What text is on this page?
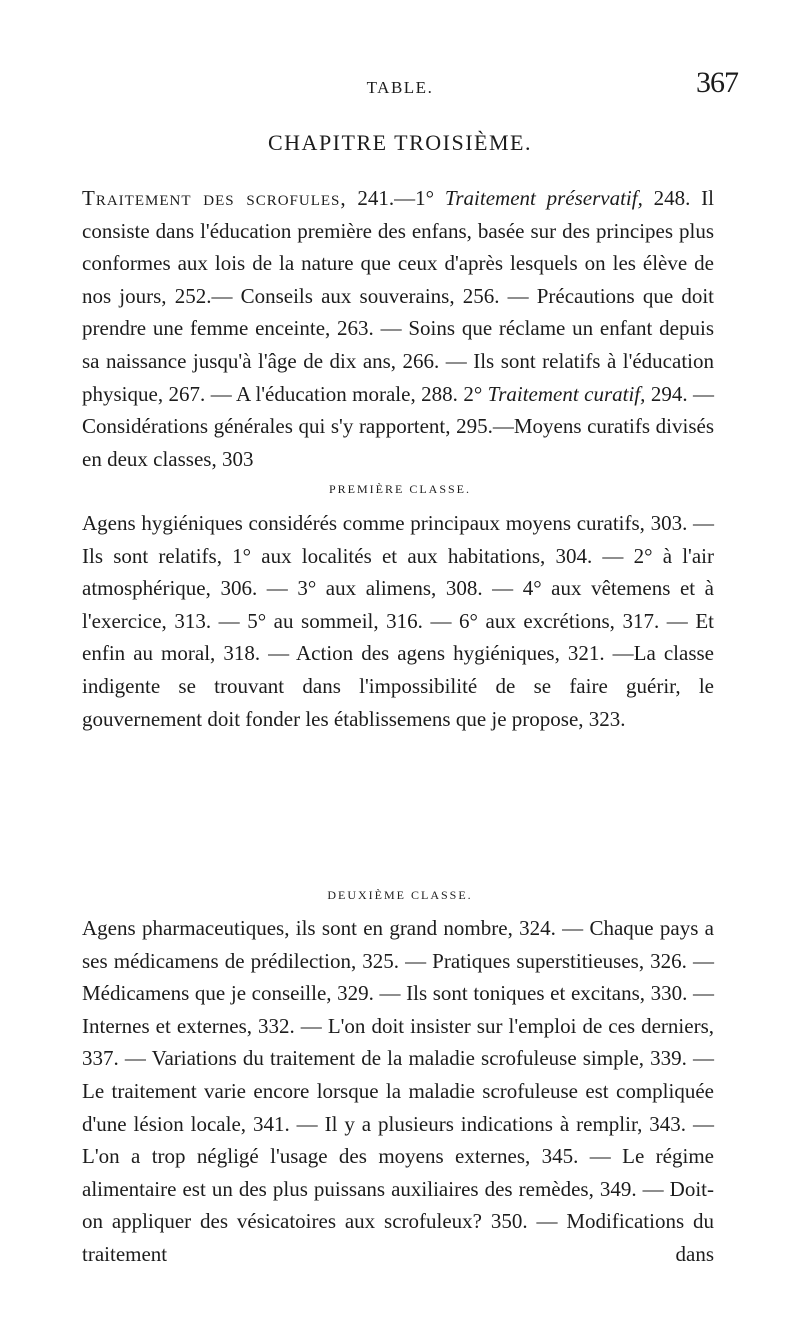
TABLE.	367
CHAPITRE TROISIÈME.
Traitement des scrofules, 241.—1° Traitement préservatif, 248. Il consiste dans l'éducation première des enfans, basée sur des principes plus conformes aux lois de la nature que ceux d'après lesquels on les élève de nos jours, 252.— Conseils aux souverains, 256. — Précautions que doit prendre une femme enceinte, 263. — Soins que réclame un enfant depuis sa naissance jusqu'à l'âge de dix ans, 266. — Ils sont relatifs à l'éducation physique, 267. — A l'éducation morale, 288. 2° Traitement curatif, 294. — Considérations générales qui s'y rapportent, 295.—Moyens curatifs divisés en deux classes, 303
PREMIÈRE CLASSE.
Agens hygiéniques considérés comme principaux moyens curatifs, 303. — Ils sont relatifs, 1° aux localités et aux habitations, 304. — 2° à l'air atmosphérique, 306. — 3° aux alimens, 308. — 4° aux vêtemens et à l'exercice, 313. — 5° au sommeil, 316. — 6° aux excrétions, 317. — Et enfin au moral, 318. — Action des agens hygiéniques, 321. —La classe indigente se trouvant dans l'impossibilité de se faire guérir, le gouvernement doit fonder les établissemens que je propose, 323.
DEUXIÈME CLASSE.
Agens pharmaceutiques, ils sont en grand nombre, 324. — Chaque pays a ses médicamens de prédilection, 325. — Pratiques superstitieuses, 326. — Médicamens que je conseille, 329. — Ils sont toniques et excitans, 330. — Internes et externes, 332. — L'on doit insister sur l'emploi de ces derniers, 337. — Variations du traitement de la maladie scrofuleuse simple, 339. — Le traitement varie encore lorsque la maladie scrofuleuse est compliquée d'une lésion locale, 341. — Il y a plusieurs indications à remplir, 343. — L'on a trop négligé l'usage des moyens externes, 345. — Le régime alimentaire est un des plus puissans auxiliaires des remèdes, 349. — Doit-on appliquer des vésicatoires aux scrofuleux? 350. — Modifications du traitement dans
